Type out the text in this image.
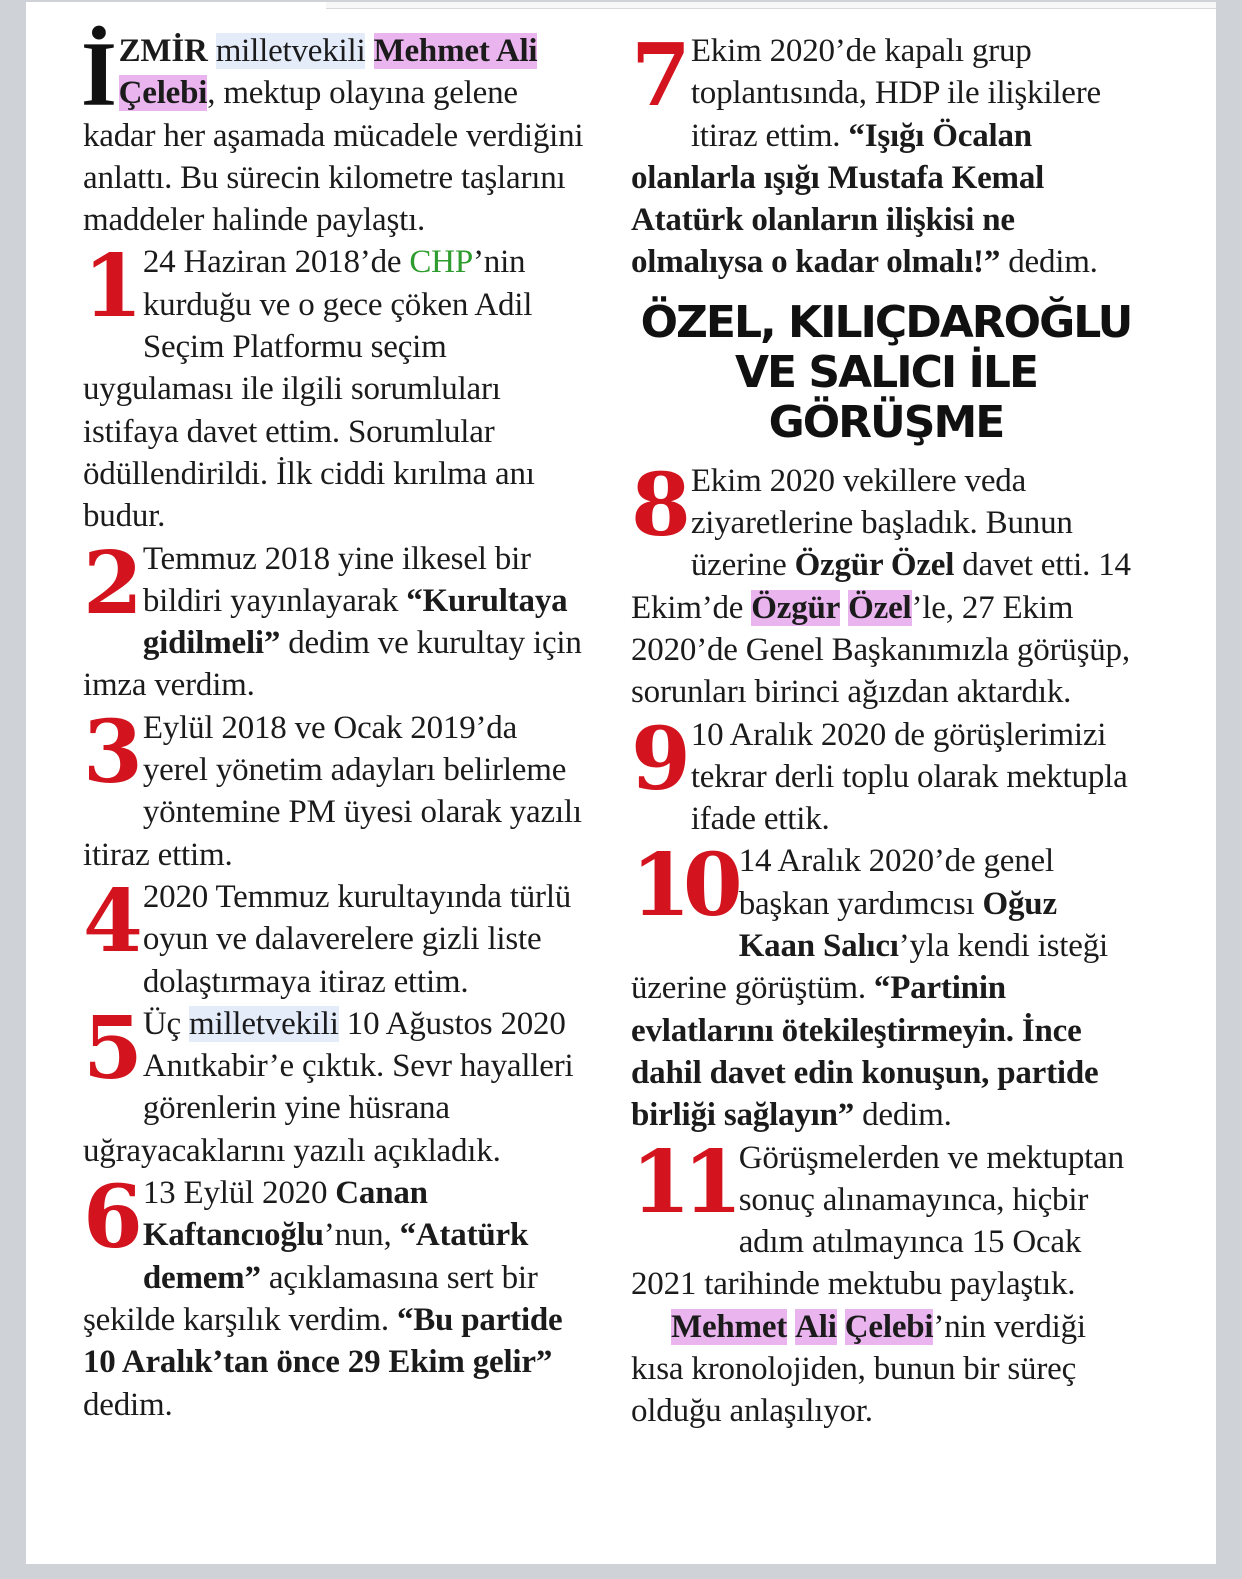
İZMİR milletvekili Mehmet Ali Çelebi, mektup olayına gelene kadar her aşamada mücadele verdiğini anlattı. Bu sürecin kilometre taşlarını maddeler halinde paylaştı.

1 24 Haziran 2018’de CHP’nin kurduğu ve o gece çöken Adil Seçim Platformu seçim uygulaması ile ilgili sorumluları istifaya davet ettim. Sorumlular ödüllendirildi. İlk ciddi kırılma anı budur.

2 Temmuz 2018 yine ilkesel bir bildiri yayınlayarak “Kurultaya gidilmeli” dedim ve kurultay için imza verdim.

3 Eylül 2018 ve Ocak 2019’da yerel yönetim adayları belirleme yöntemine PM üyesi olarak yazılı itiraz ettim.

4 2020 Temmuz kurultayında türlü oyun ve dalaverelere gizli liste dolaştırmaya itiraz ettim.

5 Üç milletvekili 10 Ağustos 2020 Anıtkabir’e çıktık. Sevr hayalleri görenlerin yine hüsrana uğrayacaklarını yazılı açıkladık.

6 13 Eylül 2020 Canan Kaftancıoğlu’nun, “Atatürk demem” açıklamasına sert bir şekilde karşılık verdim. “Bu partide 10 Aralık’tan önce 29 Ekim gelir” dedim.

7 Ekim 2020’de kapalı grup toplantısında, HDP ile ilişkilere itiraz ettim. “Işığı Öcalan olanlarla ışığı Mustafa Kemal Atatürk olanların ilişkisi ne olmalıysa o kadar olmalı!” dedim.

ÖZEL, KILIÇDAROĞLU VE SALICI İLE GÖRÜŞME

8 Ekim 2020 vekillere veda ziyaretlerine başladık. Bunun üzerine Özgür Özel davet etti. 14 Ekim’de Özgür Özel’le, 27 Ekim 2020’de Genel Başkanımızla görüşüp, sorunları birinci ağızdan aktardık.

9 10 Aralık 2020 de görüşlerimizi tekrar derli toplu olarak mektupla ifade ettik.

10 14 Aralık 2020’de genel başkan yardımcısı Oğuz Kaan Salıcı’yla kendi isteği üzerine görüştüm. “Partinin evlatlarını ötekileştirmeyin. İnce dahil davet edin konuşun, partide birliği sağlayın” dedim.

11 Görüşmelerden ve mektuptan sonuç alınamayınca, hiçbir adım atılmayınca 15 Ocak 2021 tarihinde mektubu paylaştık.

Mehmet Ali Çelebi’nin verdiği kısa kronolojiden, bunun bir süreç olduğu anlaşılıyor.
